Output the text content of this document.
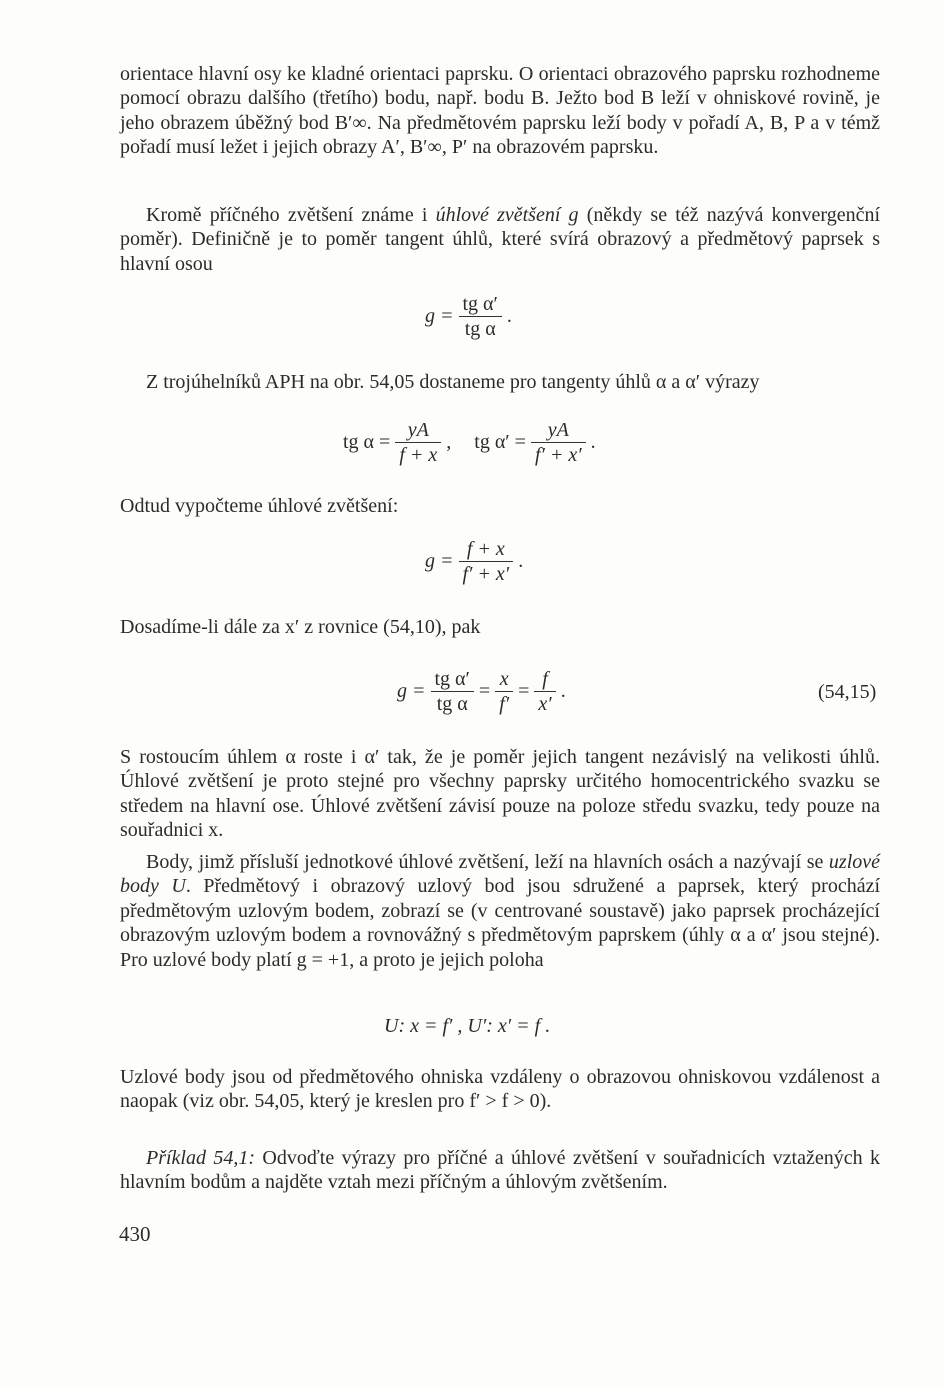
orientace hlavní osy ke kladné orientaci paprsku. O orientaci obrazového paprsku rozhodneme pomocí obrazu dalšího (třetího) bodu, např. bodu B. Ježto bod B leží v ohniskové rovině, je jeho obrazem úběžný bod B′∞. Na předmětovém paprsku leží body v pořadí A, B, P a v témž pořadí musí ležet i jejich obrazy A′, B′∞, P′ na obrazovém paprsku.

Kromě příčného zvětšení známe i úhlové zvětšení g (někdy se též nazývá konvergenční poměr). Definičně je to poměr tangent úhlů, které svírá obrazový a předmětový paprsek s hlavní osou

$g = \frac{\text{tg α′}}{\text{tg α}}$ .

Z trojúhelníků APH na obr. 54,05 dostaneme pro tangenty úhlů α a α′ výrazy

tg $\alpha = \frac{yA}{f + x}$ , tg $\alpha' = \frac{yA}{f' + x'}$ .

Odtud vypočteme úhlové zvětšení:

$g = \frac{f + x}{f' + x'}$ .

Dosadíme-li dále za x′ z rovnice (54,10), pak

$g = \frac{\text{tg α′}}{\text{tg α}} = \frac{x}{f'} = \frac{f}{x'}$ .	(54,15)

S rostoucím úhlem α roste i α′ tak, že je poměr jejich tangent nezávislý na velikosti úhlů. Úhlové zvětšení je proto stejné pro všechny paprsky určitého homocentrického svazku se středem na hlavní ose. Úhlové zvětšení závisí pouze na poloze středu svazku, tedy pouze na souřadnici x.

Body, jimž přísluší jednotkové úhlové zvětšení, leží na hlavních osách a nazývají se uzlové body U. Předmětový i obrazový uzlový bod jsou sdružené a paprsek, který prochází předmětovým uzlovým bodem, zobrazí se (v centrované soustavě) jako paprsek procházející obrazovým uzlovým bodem a rovnovážný s předmětovým paprskem (úhly α a α′ jsou stejné). Pro uzlové body platí g = +1, a proto je jejich poloha

U: x = f′ , U′: x′ = f .

Uzlové body jsou od předmětového ohniska vzdáleny o obrazovou ohniskovou vzdálenost a naopak (viz obr. 54,05, který je kreslen pro f′ > f > 0).

Příklad 54,1: Odvoďte výrazy pro příčné a úhlové zvětšení v souřadnicích vztažených k hlavním bodům a najděte vztah mezi příčným a úhlovým zvětšením.

430
